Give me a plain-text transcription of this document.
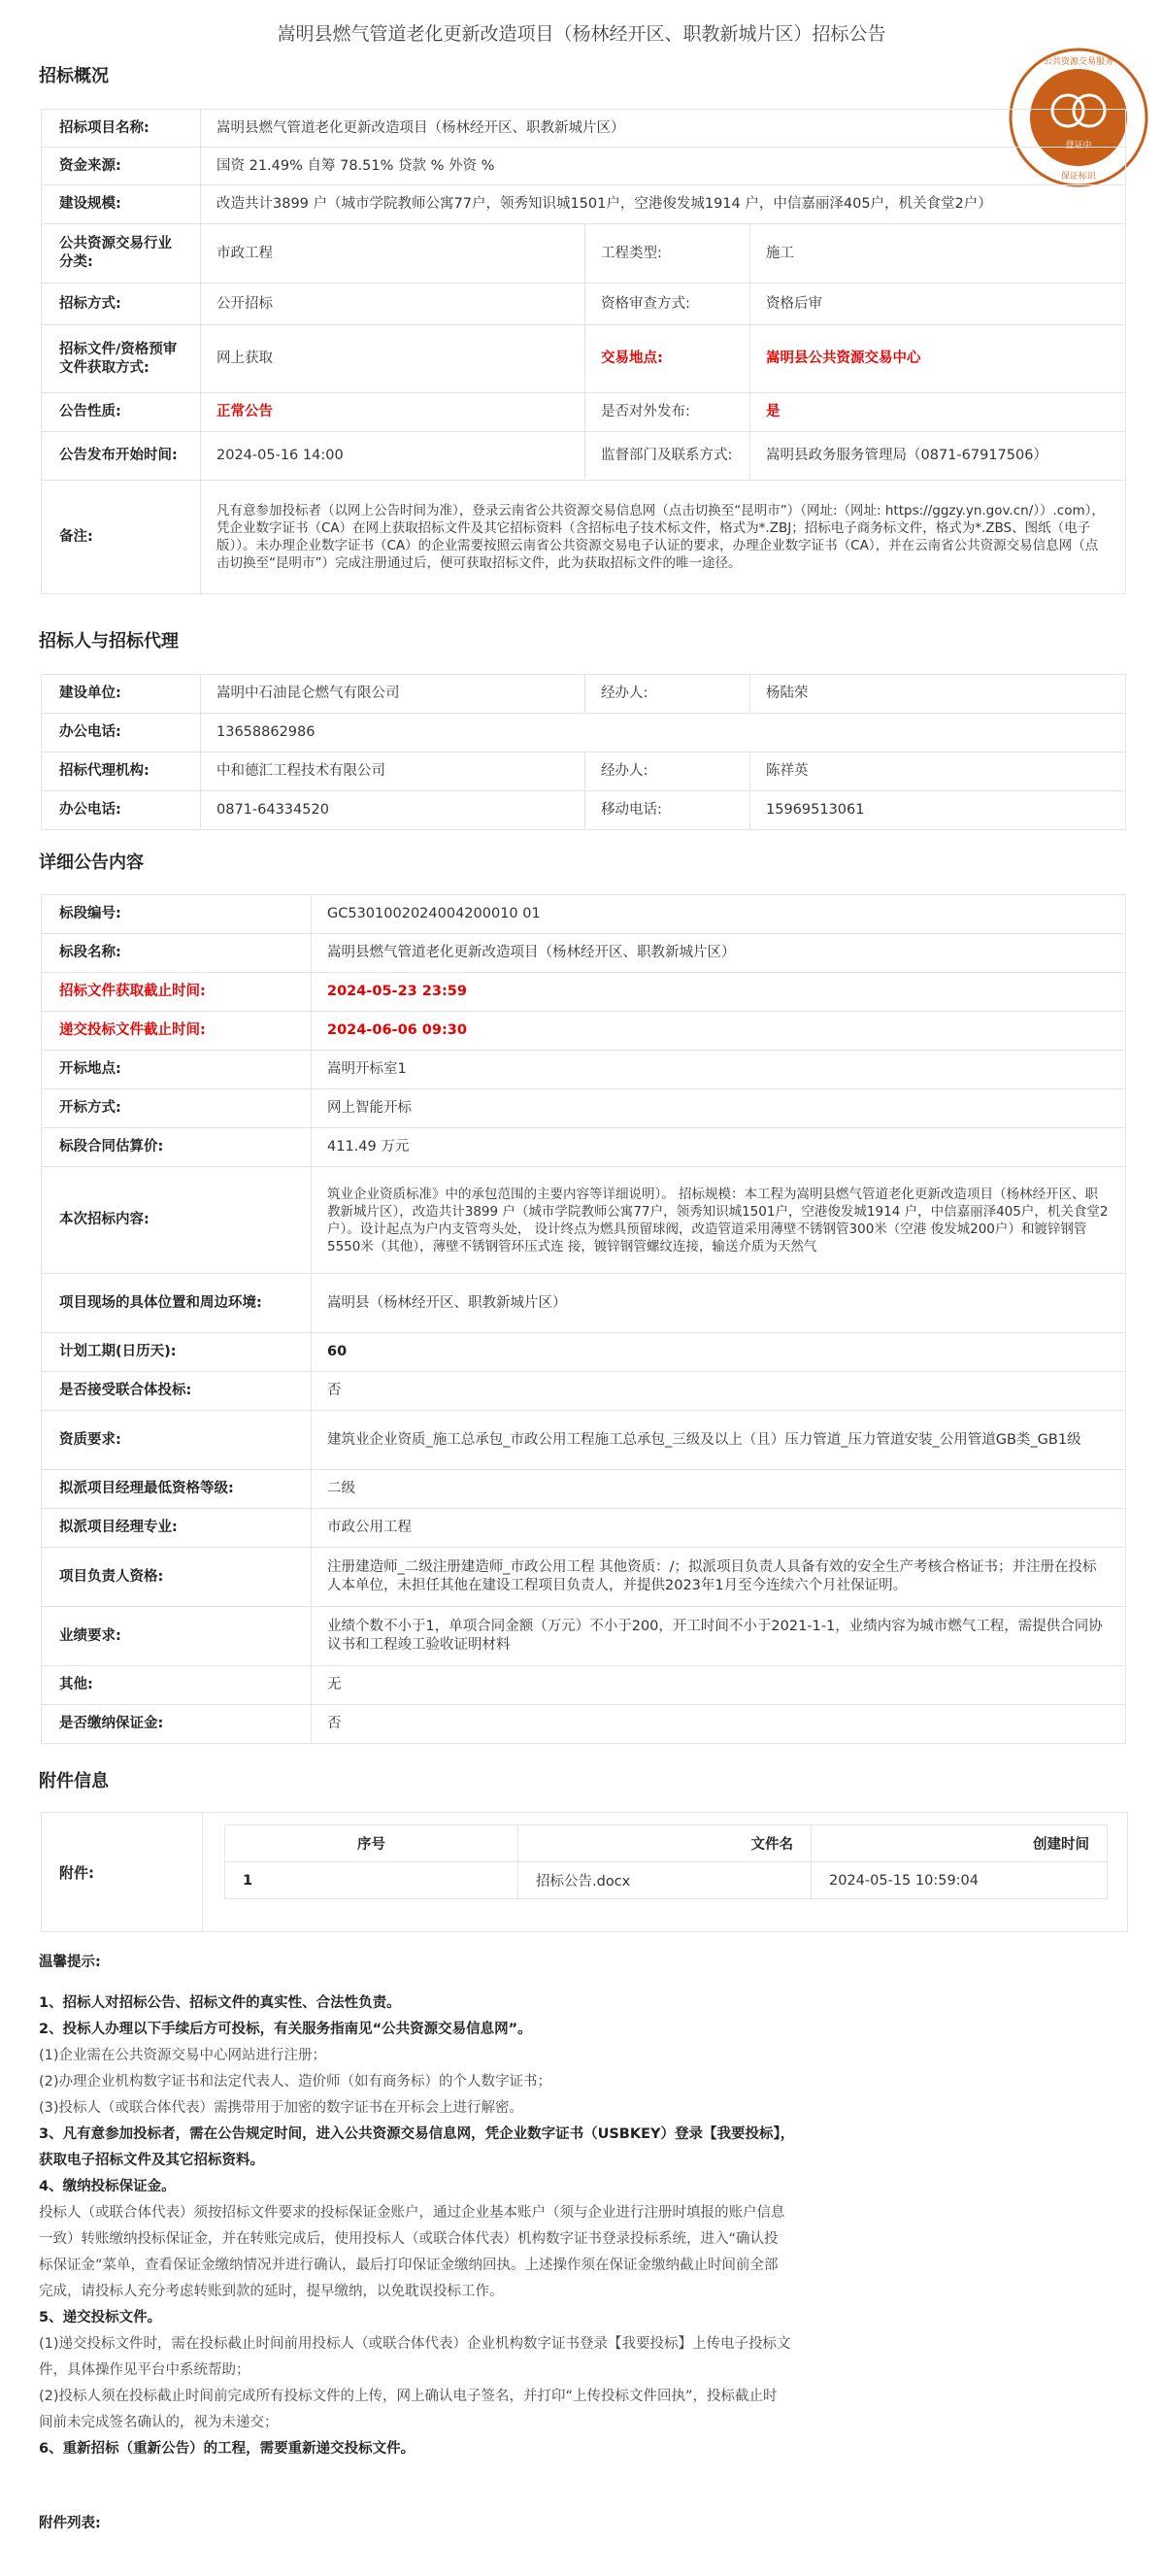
嵩明县燃气管道老化更新改造项目（杨林经开区、职教新城片区）招标公告
登证中
公共资源交易服务
保证标识
招标概况
招标项目名称:	嵩明县燃气管道老化更新改造项目（杨林经开区、职教新城片区）		
资金来源:	国资 21.49% 自筹 78.51% 贷款 % 外资 %		
建设规模:	改造共计3899 户（城市学院教师公寓77户，领秀知识城1501户，空港俊发城1914 户，中信嘉丽泽405户，机关食堂2户）		
公共资源交易行业分类:	市政工程	工程类型:	施工
招标方式:	公开招标	资格审查方式:	资格后审
招标文件/资格预审文件获取方式:	网上获取	交易地点:	嵩明县公共资源交易中心
公告性质:	正常公告	是否对外发布:	是
公告发布开始时间:	2024-05-16 14:00	监督部门及联系方式:	嵩明县政务服务管理局（0871-67917506）
备注:	凡有意参加投标者（以网上公告时间为准），登录云南省公共资源交易信息网（点击切换至“昆明市”）（网址:（网址: https://ggzy.yn.gov.cn/））.com），凭企业数字证书（CA）在网上获取招标文件及其它招标资料（含招标电子技术标文件，格式为*.ZBJ；招标电子商务标文件，格式为*.ZBS、图纸（电子版））。未办理企业数字证书（CA）的企业需要按照云南省公共资源交易电子认证的要求，办理企业数字证书（CA），并在云南省公共资源交易信息网（点击切换至“昆明市”）完成注册通过后，便可获取招标文件，此为获取招标文件的唯一途径。		
招标人与招标代理
建设单位:	嵩明中石油昆仑燃气有限公司	经办人:	杨陆荣
办公电话:	13658862986		
招标代理机构:	中和德汇工程技术有限公司	经办人:	陈祥英
办公电话:	0871-64334520	移动电话:	15969513061
详细公告内容
标段编号:	GC5301002024004200010 01
标段名称:	嵩明县燃气管道老化更新改造项目（杨林经开区、职教新城片区）
招标文件获取截止时间:	2024-05-23 23:59
递交投标文件截止时间:	2024-06-06 09:30
开标地点:	嵩明开标室1
开标方式:	网上智能开标
标段合同估算价:	411.49 万元
本次招标内容:	筑业企业资质标准》中的承包范围的主要内容等详细说明）。 招标规模：本工程为嵩明县燃气管道老化更新改造项目（杨林经开区、职教新城片区），改造共计3899 户（城市学院教师公寓77户，领秀知识城1501户，空港俊发城1914 户，中信嘉丽泽405户，机关食堂2户）。设计起点为户内支管弯头处， 设计终点为燃具预留球阀，改造管道采用薄壁不锈钢管300米（空港 俊发城200户）和镀锌钢管5550米（其他），薄壁不锈钢管环压式连 接，镀锌钢管螺纹连接，输送介质为天然气
项目现场的具体位置和周边环境:	嵩明县（杨林经开区、职教新城片区）
计划工期(日历天):	60
是否接受联合体投标:	否
资质要求:	建筑业企业资质_施工总承包_市政公用工程施工总承包_三级及以上（且）压力管道_压力管道安装_公用管道GB类_GB1级
拟派项目经理最低资格等级:	二级
拟派项目经理专业:	市政公用工程
项目负责人资格:	注册建造师_二级注册建造师_市政公用工程 其他资质：/；拟派项目负责人具备有效的安全生产考核合格证书；并注册在投标人本单位，未担任其他在建设工程项目负责人，并提供2023年1月至今连续六个月社保证明。
业绩要求:	业绩个数不小于1，单项合同金额（万元）不小于200，开工时间不小于2021-1-1，业绩内容为城市燃气工程，需提供合同协议书和工程竣工验收证明材料
其他:	无
是否缴纳保证金:	否
附件信息
附件:
序号	文件名	创建时间
1	招标公告.docx	2024-05-15 10:59:04
温馨提示:
1、招标人对招标公告、招标文件的真实性、合法性负责。
2、投标人办理以下手续后方可投标，有关服务指南见“公共资源交易信息网”。
(1)企业需在公共资源交易中心网站进行注册；
(2)办理企业机构数字证书和法定代表人、造价师（如有商务标）的个人数字证书；
(3)投标人（或联合体代表）需携带用于加密的数字证书在开标会上进行解密。
3、凡有意参加投标者，需在公告规定时间，进入公共资源交易信息网，凭企业数字证书（USBKEY）登录【我要投标】，
获取电子招标文件及其它招标资料。
4、缴纳投标保证金。
投标人（或联合体代表）须按招标文件要求的投标保证金账户，通过企业基本账户（须与企业进行注册时填报的账户信息
一致）转账缴纳投标保证金，并在转账完成后，使用投标人（或联合体代表）机构数字证书登录投标系统，进入“确认投
标保证金”菜单，查看保证金缴纳情况并进行确认，最后打印保证金缴纳回执。上述操作须在保证金缴纳截止时间前全部
完成，请投标人充分考虑转账到款的延时，提早缴纳，以免耽误投标工作。
5、递交投标文件。
(1)递交投标文件时，需在投标截止时间前用投标人（或联合体代表）企业机构数字证书登录【我要投标】上传电子投标文
件，具体操作见平台中系统帮助；
(2)投标人须在投标截止时间前完成所有投标文件的上传，网上确认电子签名，并打印“上传投标文件回执”，投标截止时
间前未完成签名确认的，视为未递交；
6、重新招标（重新公告）的工程，需要重新递交投标文件。
附件列表:
